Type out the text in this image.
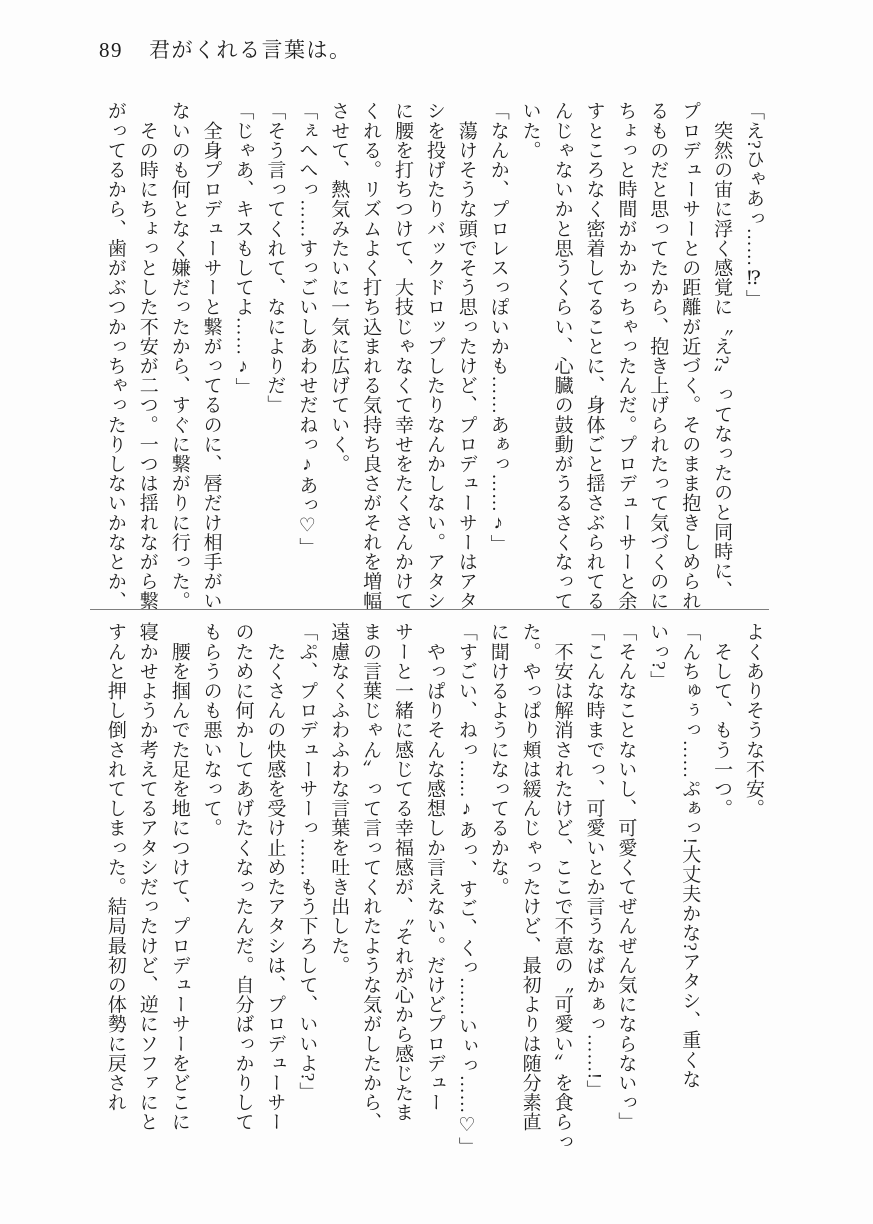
89 君がくれる言葉は。
「え?ひゃあっ……⁉」
　突然の宙に浮く感覚に〝え?〟ってなったのと同時に、
プロデューサーとの距離が近づく。そのまま抱きしめられ
るものだと思ってたから、抱き上げられたって気づくのに
ちょっと時間がかかっちゃったんだ。プロデューサーと余
すところなく密着してることに、身体ごと揺さぶられてる
んじゃないかと思うくらい、心臓の鼓動がうるさくなって
いた。
「なんか、プロレスっぽいかも……あぁっ……♪」
　蕩けそうな頭でそう思ったけど、プロデューサーはアタ
シを投げたりバックドロップしたりなんかしない。アタシ
に腰を打ちつけて、大技じゃなくて幸せをたくさんかけて
くれる。リズムよく打ち込まれる気持ち良さがそれを増幅
させて、熱気みたいに一気に広げていく。
「ぇへへっ……すっごいしあわせだねっ♪あっ♡」
「そう言ってくれて、なによりだ」
「じゃあ、キスもしてよ……♪」
　全身プロデューサーと繋がってるのに、唇だけ相手がい
ないのも何となく嫌だったから、すぐに繋がりに行った。
　その時にちょっとした不安が二つ。一つは揺れながら繋
がってるから、歯がぶつかっちゃったりしないかなとか、
よくありそうな不安。
　そして、もう一つ。
「んちゅぅっ……ぷぁっ!大丈夫かな?アタシ、重くな
いっ?」
「そんなことないし、可愛くてぜんぜん気にならないっ」
「こんな時までっ、可愛いとか言うなばかぁっ……!」
　不安は解消されたけど、ここで不意の〝可愛い〟を食らっ
た。やっぱり頬は緩んじゃったけど、最初よりは随分素直
に聞けるようになってるかな。
「すごい、ねっ……♪あっ、すご、くっ……いぃっ……♡」
　やっぱりそんな感想しか言えない。だけどプロデュー
サーと一緒に感じてる幸福感が、〝それが心から感じたま
まの言葉じゃん〟って言ってくれたような気がしたから、
遠慮なくふわふわな言葉を吐き出した。
「ぷ、プロデューサーっ……もう下ろして、いいよ?」
　たくさんの快感を受け止めたアタシは、プロデューサー
のために何かしてあげたくなったんだ。自分ばっかりして
もらうのも悪いなって。
　腰を掴んでた足を地につけて、プロデューサーをどこに
寝かせようか考えてるアタシだったけど、逆にソファにと
すんと押し倒されてしまった。結局最初の体勢に戻され
